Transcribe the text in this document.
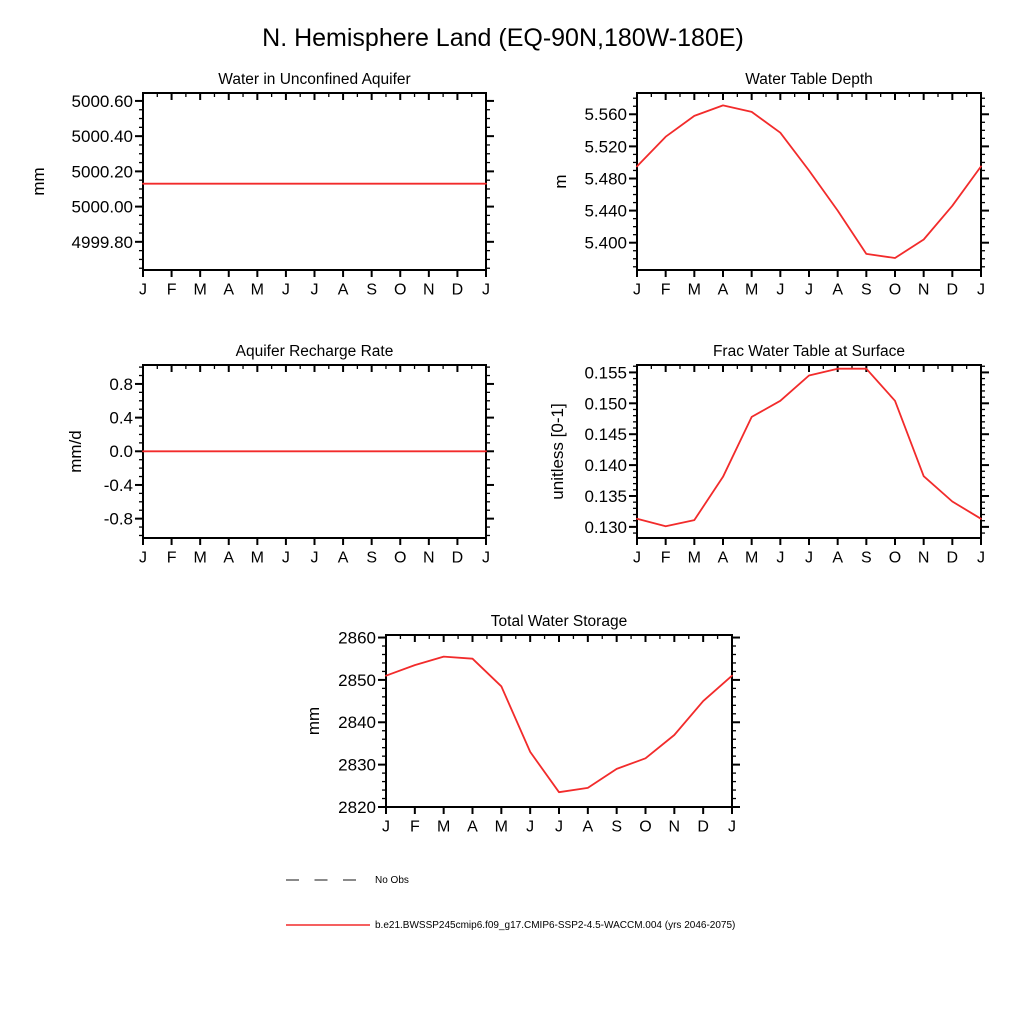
N. Hemisphere Land (EQ-90N,180W-180E)
4999.80
5000.00
5000.20
5000.40
5000.60
J F M A M J J A S O N D J
Water in Unconfined Aquifer
mm
5.400
5.440
5.480
5.520
5.560
J F M A M J J A S O N D J
Water Table Depth
m
-0.8
-0.4
0.0
0.4
0.8
J F M A M J J A S O N D J
Aquifer Recharge Rate
mm/d
0.130
0.135
0.140
0.145
0.150
0.155
J F M A M J J A S O N D J
Frac Water Table at Surface
unitless [0-1]
2820
2830
2840
2850
2860
J F M A M J J A S O N D J
Total Water Storage
mm
No Obs
b.e21.BWSSP245cmip6.f09_g17.CMIP6-SSP2-4.5-WACCM.004 (yrs 2046-2075)
